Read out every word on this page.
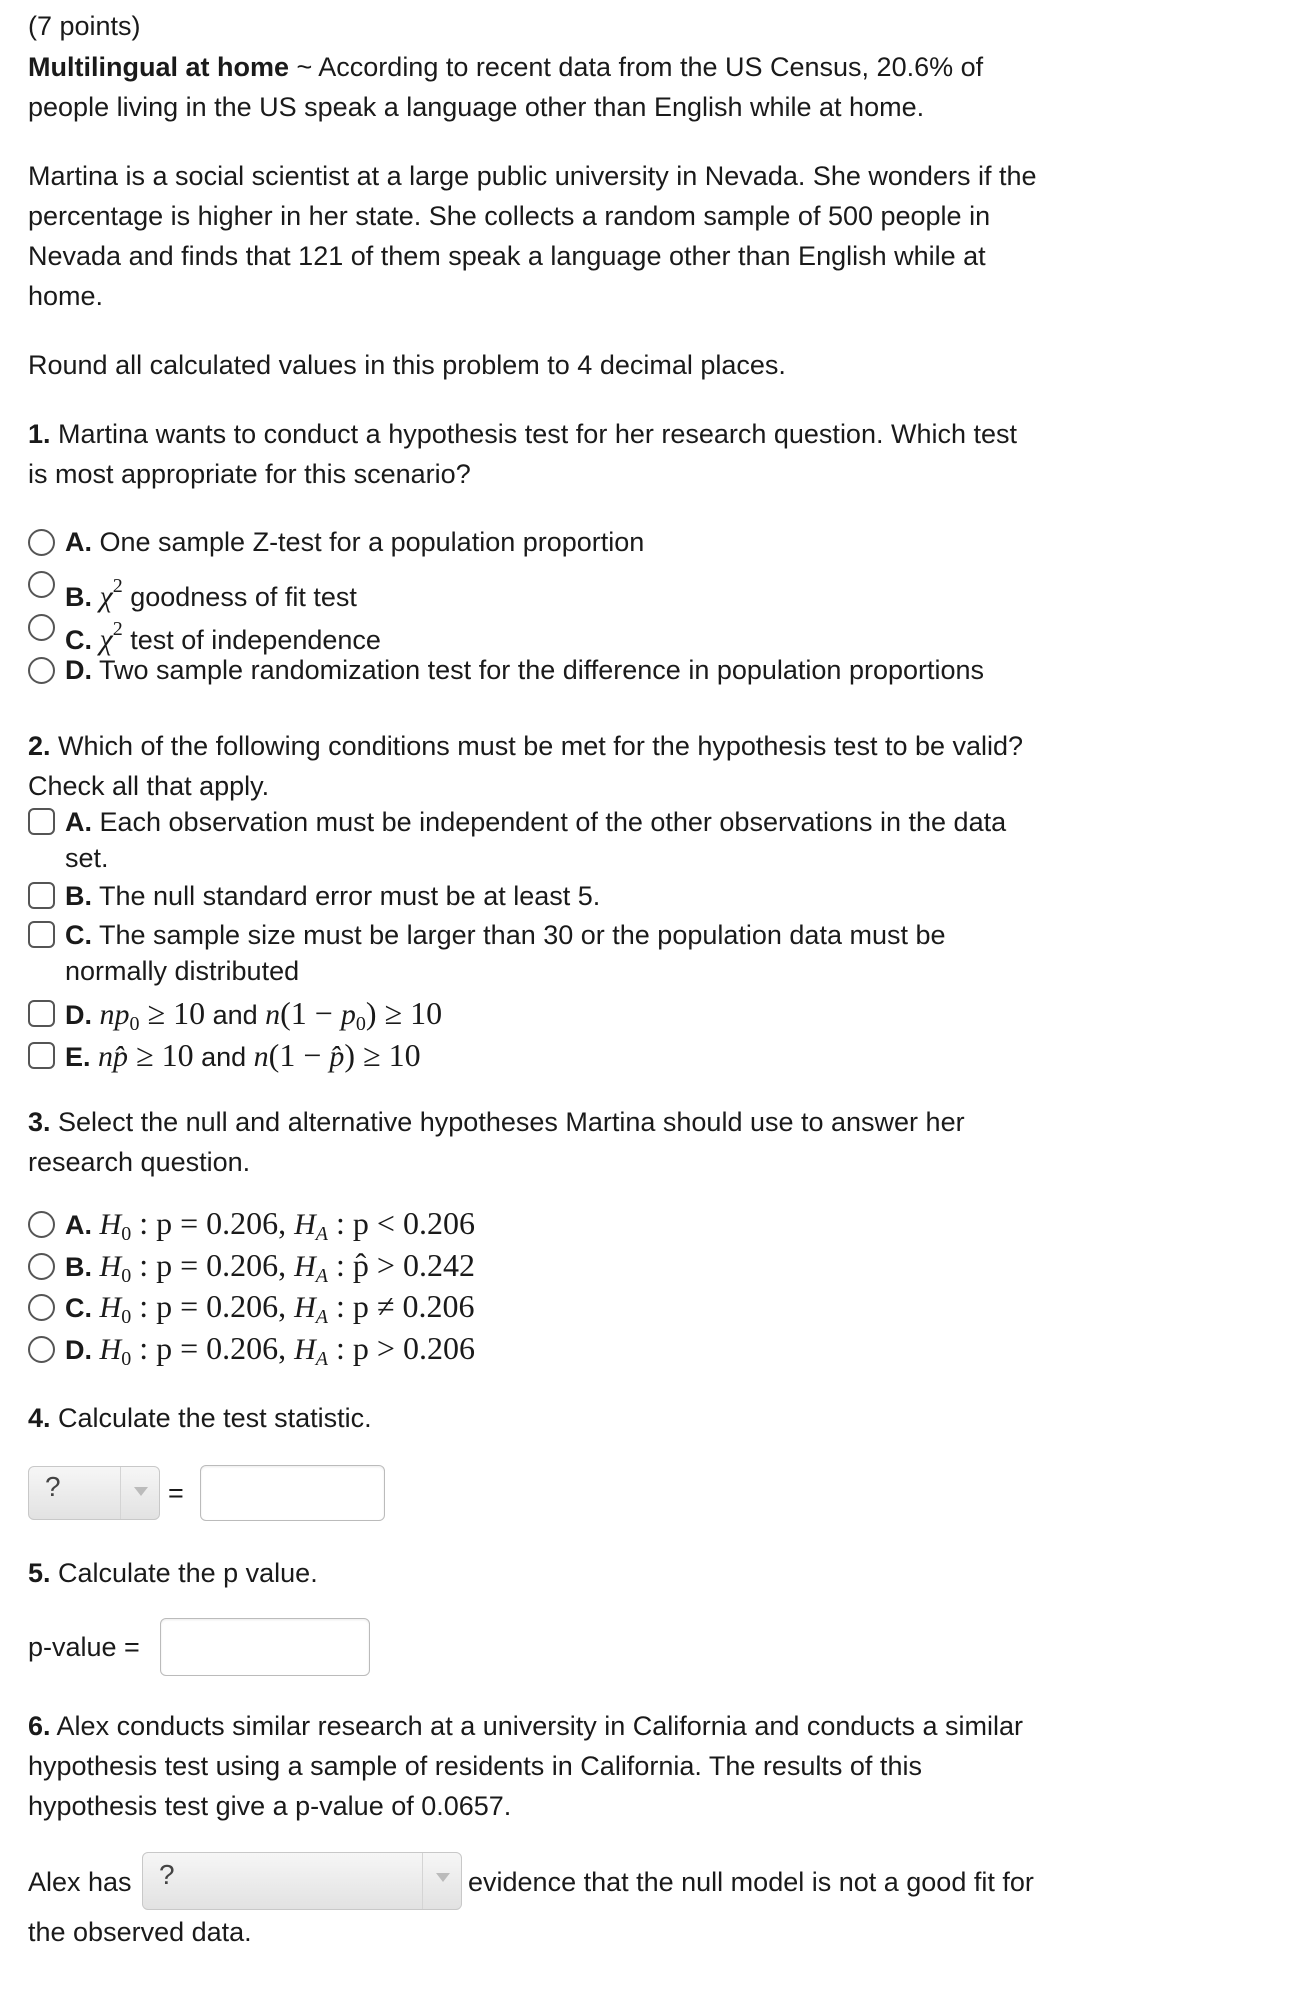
(7 points)
Multilingual at home ~ According to recent data from the US Census, 20.6% of
people living in the US speak a language other than English while at home.
Martina is a social scientist at a large public university in Nevada. She wonders if the
percentage is higher in her state. She collects a random sample of 500 people in
Nevada and finds that 121 of them speak a language other than English while at
home.
Round all calculated values in this problem to 4 decimal places.
1. Martina wants to conduct a hypothesis test for her research question. Which test
is most appropriate for this scenario?
A. One sample Z-test for a population proportion
B. $\chi^2$ goodness of fit test
C. $\chi^2$ test of independence
D. Two sample randomization test for the difference in population proportions
2. Which of the following conditions must be met for the hypothesis test to be valid?
Check all that apply.
A. Each observation must be independent of the other observations in the data
set.
B. The null standard error must be at least 5.
C. The sample size must be larger than 30 or the population data must be
normally distributed
D. $np_0 \ge 10$ and $n(1 - p_0) \ge 10$
E. np̂ ≥ 10 and n(1 − p̂) ≥ 10
3. Select the null and alternative hypotheses Martina should use to answer her
research question.
A. $H_0$ : p = 0.206, $H_A$ : p < 0.206
B. $H_0$ : p = 0.206, $H_A$ : p̂ > 0.242
C. $H_0$ : p = 0.206, $H_A$ : p ≠ 0.206
D. $H_0$ : p = 0.206, $H_A$ : p > 0.206
4. Calculate the test statistic.
?	=
5. Calculate the p value.
p-value =
6. Alex conducts similar research at a university in California and conducts a similar
hypothesis test using a sample of residents in California. The results of this
hypothesis test give a p-value of 0.0657.
Alex has ?	evidence that the null model is not a good fit for
the observed data.
